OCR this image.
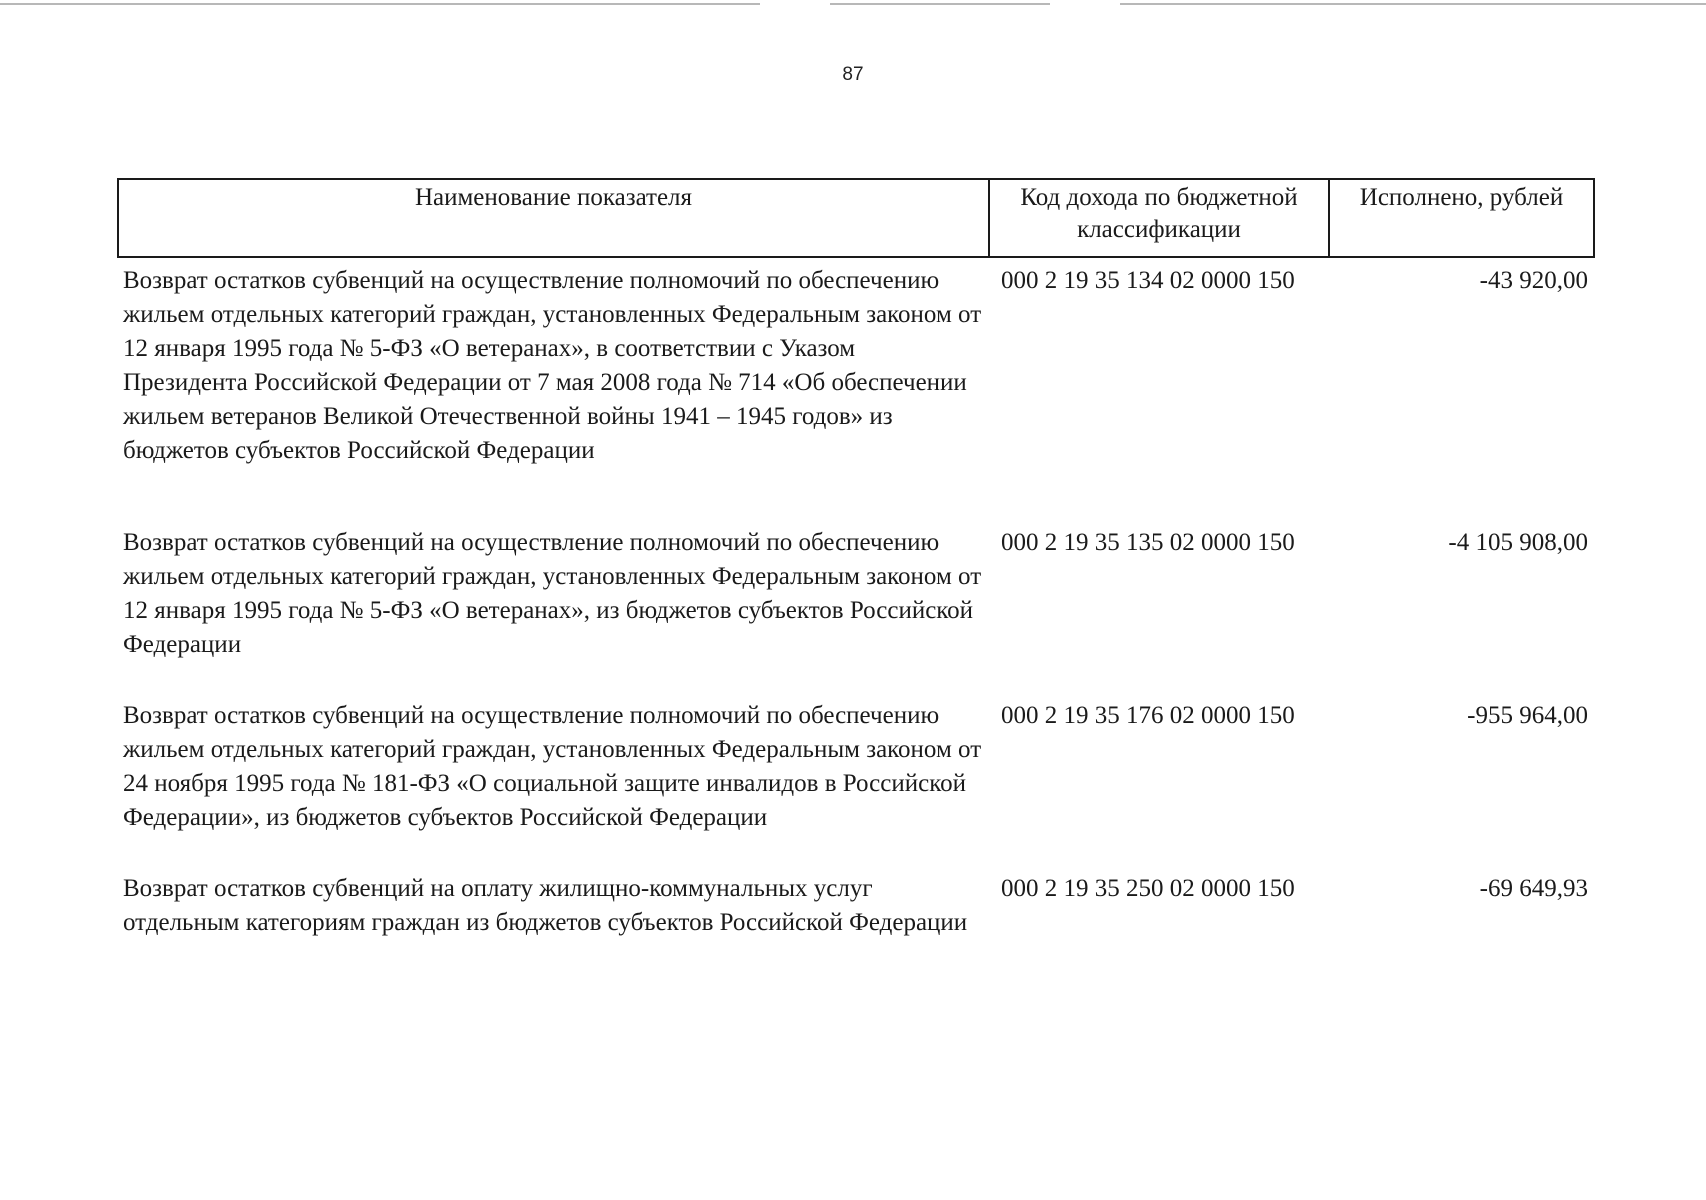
87
Наименование показателя	Код дохода по бюджетной классификации	Исполнено, рублей
Возврат остатков субвенций на осуществление полномочий по обеспечению жильем отдельных категорий граждан, установленных Федеральным законом от 12 января 1995 года № 5-ФЗ «О ветеранах», в соответствии с Указом Президента Российской Федерации от 7 мая 2008 года № 714 «Об обеспечении жильем ветеранов Великой Отечественной войны 1941 – 1945 годов» из бюджетов субъектов Российской Федерации	000 2 19 35 134 02 0000 150	-43 920,00
Возврат остатков субвенций на осуществление полномочий по обеспечению жильем отдельных категорий граждан, установленных Федеральным законом от 12 января 1995 года № 5-ФЗ «О ветеранах», из бюджетов субъектов Российской Федерации	000 2 19 35 135 02 0000 150	-4 105 908,00
Возврат остатков субвенций на осуществление полномочий по обеспечению жильем отдельных категорий граждан, установленных Федеральным законом от 24 ноября 1995 года № 181-ФЗ «О социальной защите инвалидов в Российской Федерации», из бюджетов субъектов Российской Федерации	000 2 19 35 176 02 0000 150	-955 964,00
Возврат остатков субвенций на оплату жилищно-коммунальных услуг отдельным категориям граждан из бюджетов субъектов Российской Федерации	000 2 19 35 250 02 0000 150	-69 649,93
